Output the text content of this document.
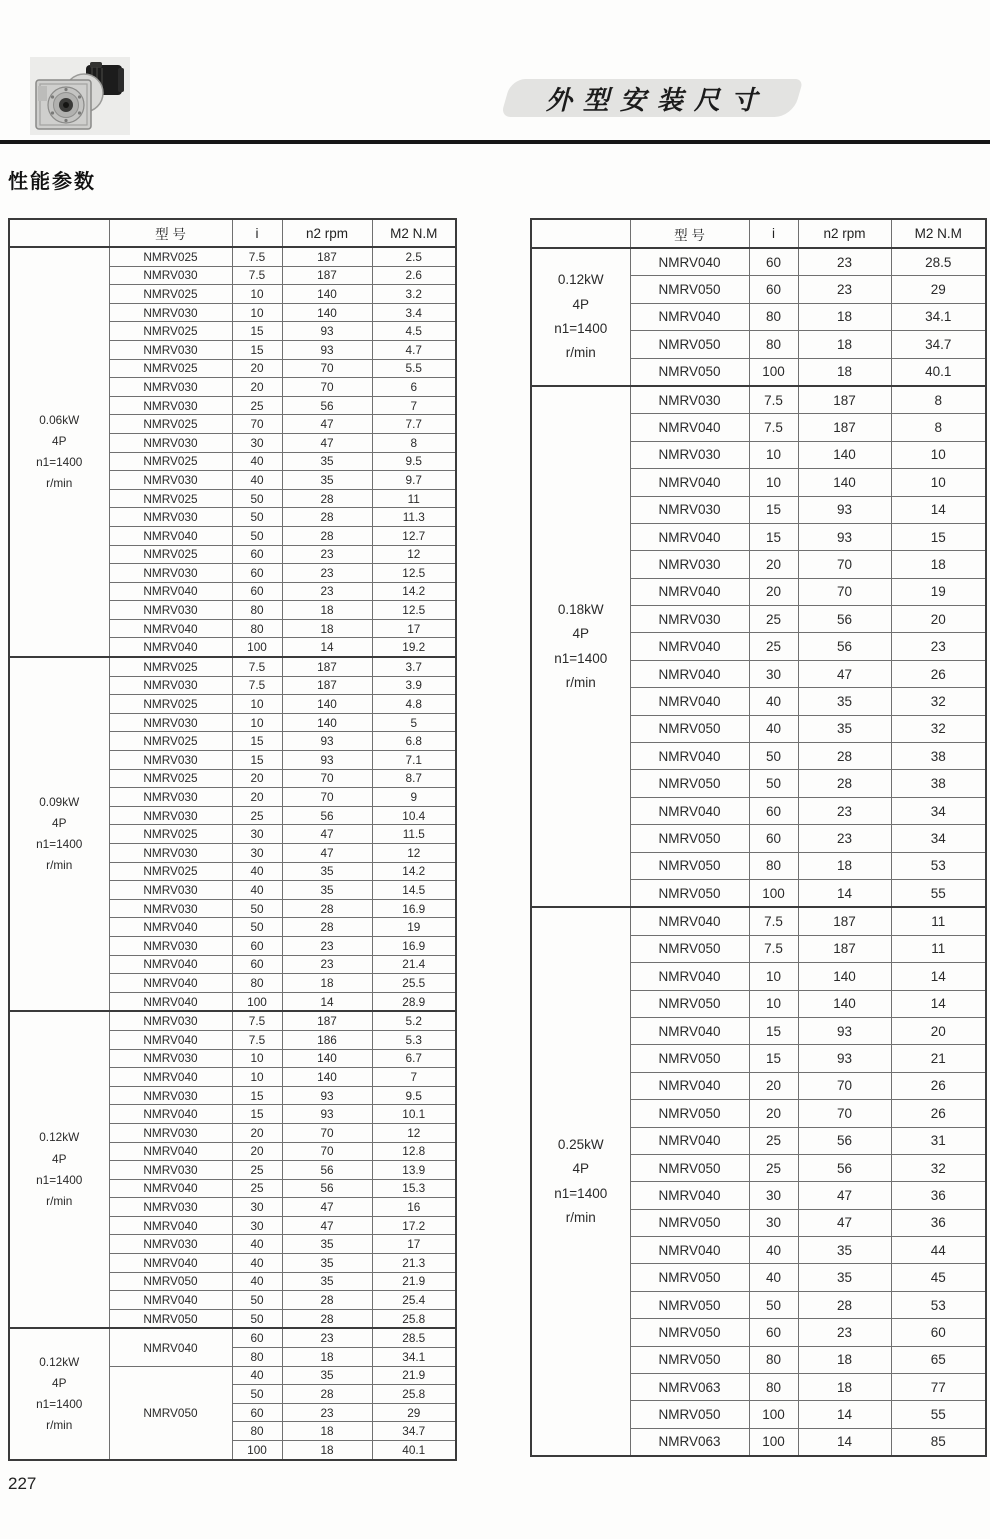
外型安装尺寸
性能参数
	型 号	i	n2 rpm	M2 N.M

0.06kW
4P
n1=1400
r/min	NMRV025	7.5	187	2.5
	NMRV030	7.5	187	2.6
	NMRV025	10	140	3.2
	NMRV030	10	140	3.4
	NMRV025	15	93	4.5
	NMRV030	15	93	4.7
	NMRV025	20	70	5.5
	NMRV030	20	70	6
	NMRV030	25	56	7
	NMRV025	70	47	7.7
	NMRV030	30	47	8
	NMRV025	40	35	9.5
	NMRV030	40	35	9.7
	NMRV025	50	28	11
	NMRV030	50	28	11.3
	NMRV040	50	28	12.7
	NMRV025	60	23	12
	NMRV030	60	23	12.5
	NMRV040	60	23	14.2
	NMRV030	80	18	12.5
	NMRV040	80	18	17
	NMRV040	100	14	19.2

0.09kW
4P
n1=1400
r/min	NMRV025	7.5	187	3.7
	NMRV030	7.5	187	3.9
	NMRV025	10	140	4.8
	NMRV030	10	140	5
	NMRV025	15	93	6.8
	NMRV030	15	93	7.1
	NMRV025	20	70	8.7
	NMRV030	20	70	9
	NMRV030	25	56	10.4
	NMRV025	30	47	11.5
	NMRV030	30	47	12
	NMRV025	40	35	14.2
	NMRV030	40	35	14.5
	NMRV030	50	28	16.9
	NMRV040	50	28	19
	NMRV030	60	23	16.9
	NMRV040	60	23	21.4
	NMRV040	80	18	25.5
	NMRV040	100	14	28.9

0.12kW
4P
n1=1400
r/min	NMRV030	7.5	187	5.2
	NMRV040	7.5	186	5.3
	NMRV030	10	140	6.7
	NMRV040	10	140	7
	NMRV030	15	93	9.5
	NMRV040	15	93	10.1
	NMRV030	20	70	12
	NMRV040	20	70	12.8
	NMRV030	25	56	13.9
	NMRV040	25	56	15.3
	NMRV030	30	47	16
	NMRV040	30	47	17.2
	NMRV030	40	35	17
	NMRV040	40	35	21.3
	NMRV050	40	35	21.9
	NMRV040	50	28	25.4
	NMRV050	50	28	25.8

0.12kW
4P
n1=1400
r/min	NMRV040	60	23	28.5
		80	18	34.1
	NMRV050	40	35	21.9
		50	28	25.8
		60	23	29
		80	18	34.7
		100	18	40.1
	型 号	i	n2 rpm	M2 N.M

0.12kW
4P
n1=1400
r/min	NMRV040	60	23	28.5
	NMRV050	60	23	29
	NMRV040	80	18	34.1
	NMRV050	80	18	34.7
	NMRV050	100	18	40.1

0.18kW
4P
n1=1400
r/min	NMRV030	7.5	187	8
	NMRV040	7.5	187	8
	NMRV030	10	140	10
	NMRV040	10	140	10
	NMRV030	15	93	14
	NMRV040	15	93	15
	NMRV030	20	70	18
	NMRV040	20	70	19
	NMRV030	25	56	20
	NMRV040	25	56	23
	NMRV040	30	47	26
	NMRV040	40	35	32
	NMRV050	40	35	32
	NMRV040	50	28	38
	NMRV050	50	28	38
	NMRV040	60	23	34
	NMRV050	60	23	34
	NMRV050	80	18	53
	NMRV050	100	14	55

0.25kW
4P
n1=1400
r/min	NMRV040	7.5	187	11
	NMRV050	7.5	187	11
	NMRV040	10	140	14
	NMRV050	10	140	14
	NMRV040	15	93	20
	NMRV050	15	93	21
	NMRV040	20	70	26
	NMRV050	20	70	26
	NMRV040	25	56	31
	NMRV050	25	56	32
	NMRV040	30	47	36
	NMRV050	30	47	36
	NMRV040	40	35	44
	NMRV050	40	35	45
	NMRV050	50	28	53
	NMRV050	60	23	60
	NMRV050	80	18	65
	NMRV063	80	18	77
	NMRV050	100	14	55
	NMRV063	100	14	85
227
